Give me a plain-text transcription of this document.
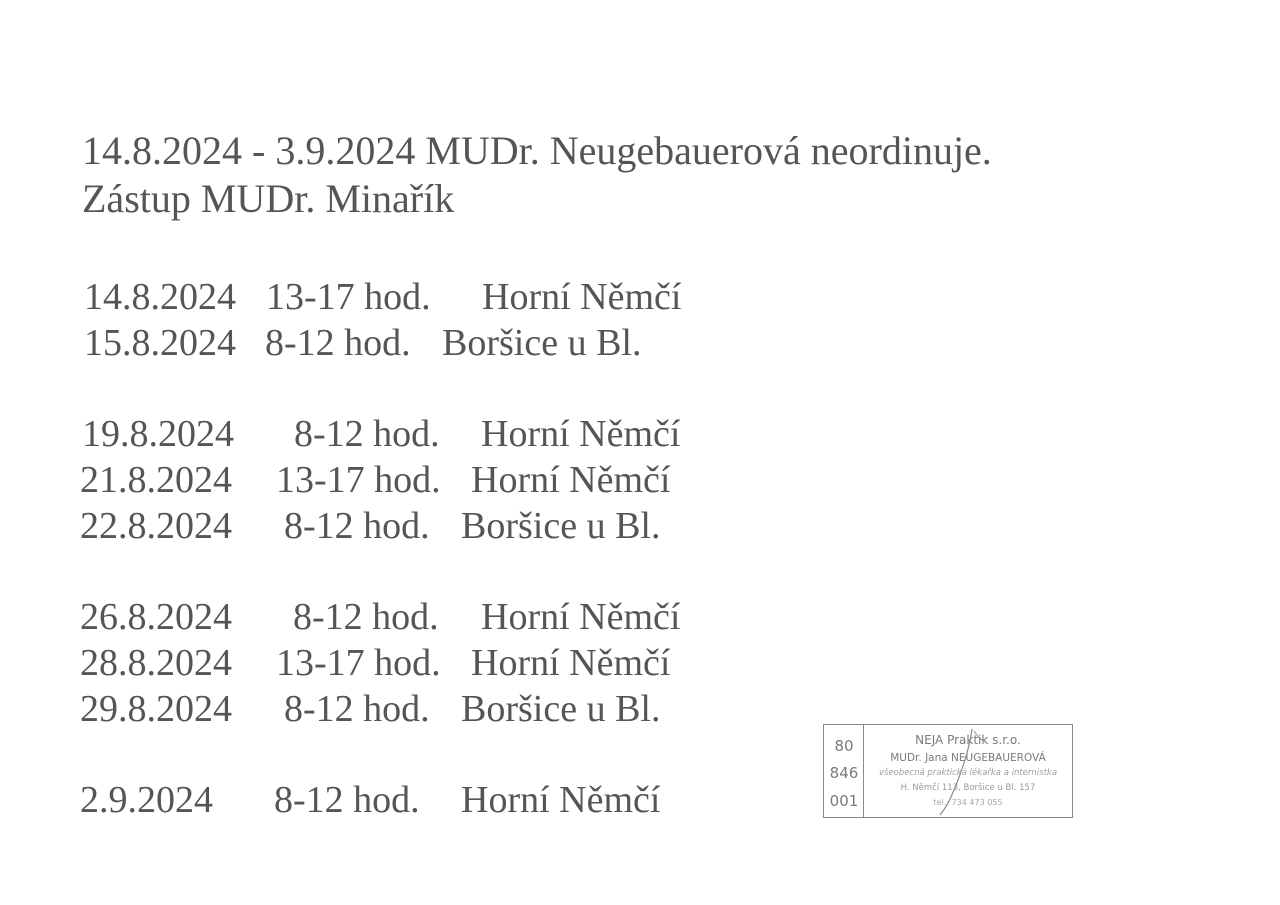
14.8.2024 - 3.9.2024 MUDr. Neugebauerová neordinuje.
Zástup MUDr. Minařík
14.8.2024 13-17 hod. Horní Němčí
15.8.2024 8-12 hod. Boršice u Bl.
19.8.2024 8-12 hod. Horní Němčí
21.8.2024 13-17 hod. Horní Němčí
22.8.2024 8-12 hod. Boršice u Bl.
26.8.2024 8-12 hod. Horní Němčí
28.8.2024 13-17 hod. Horní Němčí
29.8.2024 8-12 hod. Boršice u Bl.
2.9.2024 8-12 hod. Horní Němčí
80
846
001
NEJA Praktik s.r.o.
MUDr. Jana NEUGEBAUEROVÁ
všeobecná praktická lékařka a internistka
H. Němčí 113, Boršice u Bl. 157
tel.: 734 473 055
